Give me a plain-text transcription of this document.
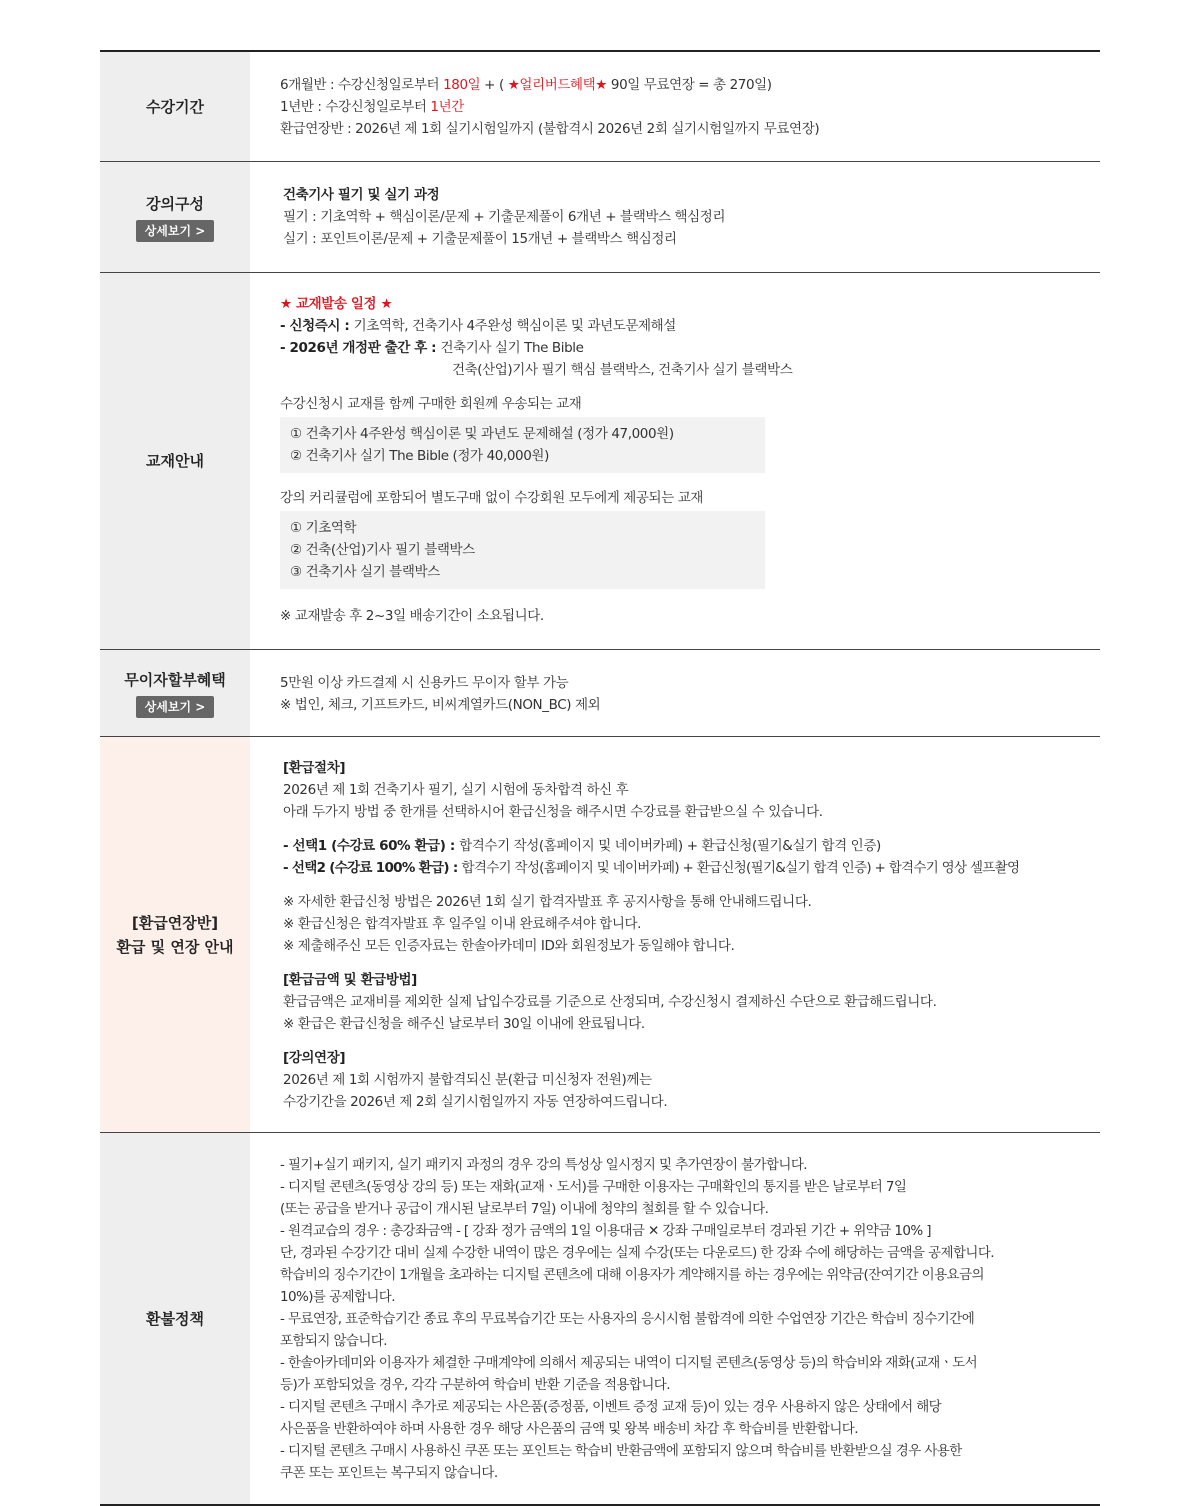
수강기간
6개월반 : 수강신청일로부터 180일 + ( ★얼리버드혜택★ 90일 무료연장 = 총 270일)
1년반 : 수강신청일로부터 1년간
환급연장반 : 2026년 제 1회 실기시험일까지 (불합격시 2026년 2회 실기시험일까지 무료연장)
강의구성
상세보기 >
건축기사 필기 및 실기 과정
필기 : 기초역학 + 핵심이론/문제 + 기출문제풀이 6개년 + 블랙박스 핵심정리
실기 : 포인트이론/문제 + 기출문제풀이 15개년 + 블랙박스 핵심정리
교재안내
★ 교재발송 일정 ★
- 신청즉시 : 기초역학, 건축기사 4주완성 핵심이론 및 과년도문제해설
- 2026년 개정판 출간 후 : 건축기사 실기 The Bible
건축(산업)기사 필기 핵심 블랙박스, 건축기사 실기 블랙박스
수강신청시 교재를 함께 구매한 회원께 우송되는 교재
① 건축기사 4주완성 핵심이론 및 과년도 문제해설 (정가 47,000원)
② 건축기사 실기 The Bible (정가 40,000원)
강의 커리큘럼에 포함되어 별도구매 없이 수강회원 모두에게 제공되는 교재
① 기초역학
② 건축(산업)기사 필기 블랙박스
③ 건축기사 실기 블랙박스
※ 교재발송 후 2~3일 배송기간이 소요됩니다.
무이자할부혜택
상세보기 >
5만원 이상 카드결제 시 신용카드 무이자 할부 가능
※ 법인, 체크, 기프트카드, 비씨계열카드(NON_BC) 제외
[환급연장반]
환급 및 연장 안내
[환급절차]
2026년 제 1회 건축기사 필기, 실기 시험에 동차합격 하신 후
아래 두가지 방법 중 한개를 선택하시어 환급신청을 해주시면 수강료를 환급받으실 수 있습니다.
- 선택1 (수강료 60% 환급) : 합격수기 작성(홈페이지 및 네이버카페) + 환급신청(필기&실기 합격 인증)
- 선택2 (수강료 100% 환급) : 합격수기 작성(홈페이지 및 네이버카페) + 환급신청(필기&실기 합격 인증) + 합격수기 영상 셀프촬영
※ 자세한 환급신청 방법은 2026년 1회 실기 합격자발표 후 공지사항을 통해 안내해드립니다.
※ 환급신청은 합격자발표 후 일주일 이내 완료해주셔야 합니다.
※ 제출해주신 모든 인증자료는 한솔아카데미 ID와 회원정보가 동일해야 합니다.
[환급금액 및 환급방법]
환급금액은 교재비를 제외한 실제 납입수강료를 기준으로 산정되며, 수강신청시 결제하신 수단으로 환급해드립니다.
※ 환급은 환급신청을 해주신 날로부터 30일 이내에 완료됩니다.
[강의연장]
2026년 제 1회 시험까지 불합격되신 분(환급 미신청자 전원)께는
수강기간을 2026년 제 2회 실기시험일까지 자동 연장하여드립니다.
환불정책
- 필기+실기 패키지, 실기 패키지 과정의 경우 강의 특성상 일시정지 및 추가연장이 불가합니다.
- 디지털 콘텐츠(동영상 강의 등) 또는 재화(교재ㆍ도서)를 구매한 이용자는 구매확인의 통지를 받은 날로부터 7일
(또는 공급을 받거나 공급이 개시된 날로부터 7일) 이내에 청약의 철회를 할 수 있습니다.
- 원격교습의 경우 : 총강좌금액 - [ 강좌 정가 금액의 1일 이용대금 ✕ 강좌 구매일로부터 경과된 기간 + 위약금 10% ]
단, 경과된 수강기간 대비 실제 수강한 내역이 많은 경우에는 실제 수강(또는 다운로드) 한 강좌 수에 해당하는 금액을 공제합니다.
학습비의 징수기간이 1개월을 초과하는 디지털 콘텐츠에 대해 이용자가 계약해지를 하는 경우에는 위약금(잔여기간 이용요금의
10%)를 공제합니다.
- 무료연장, 표준학습기간 종료 후의 무료복습기간 또는 사용자의 응시시험 불합격에 의한 수업연장 기간은 학습비 징수기간에
포함되지 않습니다.
- 한솔아카데미와 이용자가 체결한 구매계약에 의해서 제공되는 내역이 디지털 콘텐츠(동영상 등)의 학습비와 재화(교재ㆍ도서
등)가 포함되었을 경우, 각각 구분하여 학습비 반환 기준을 적용합니다.
- 디지털 콘텐츠 구매시 추가로 제공되는 사은품(증정품, 이벤트 증정 교재 등)이 있는 경우 사용하지 않은 상태에서 해당
사은품을 반환하여야 하며 사용한 경우 해당 사은품의 금액 및 왕복 배송비 차감 후 학습비를 반환합니다.
- 디지털 콘텐츠 구매시 사용하신 쿠폰 또는 포인트는 학습비 반환금액에 포함되지 않으며 학습비를 반환받으실 경우 사용한
쿠폰 또는 포인트는 복구되지 않습니다.
